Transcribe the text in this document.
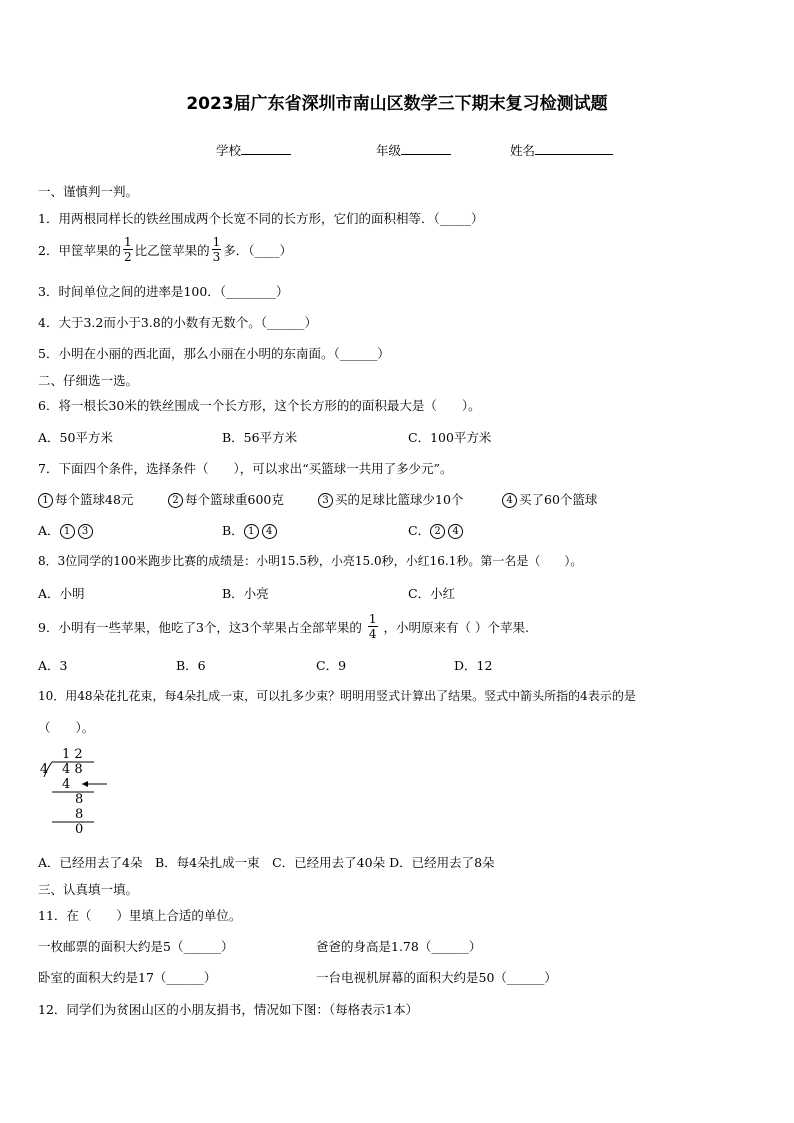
2023届广东省深圳市南山区数学三下期末复习检测试题
学校	年级	姓名
一、谨慎判一判。
1．用两根同样长的铁丝围成两个长宽不同的长方形，它们的面积相等．（_____）
2．甲筐苹果的 $\frac{1}{2}$ 比乙筐苹果的 $\frac{1}{3}$ 多．（____）
3．时间单位之间的进率是100．（________）
4．大于3.2而小于3.8的小数有无数个。（______）
5．小明在小丽的西北面，那么小丽在小明的东南面。（______）
二、仔细选一选。
6．将一根长30米的铁丝围成一个长方形，这个长方形的的面积最大是（　　）。
A．50平方米	B．56平方米	C．100平方米
7．下面四个条件，选择条件（　　），可以求出“买篮球一共用了多少元”。
1 每个篮球48元	2 每个篮球重600克	3 买的足球比篮球少10个	4 买了60个篮球
A． 1 3	B． 1 4	C． 2 4
8．3位同学的100米跑步比赛的成绩是：小明15.5秒，小亮15.0秒，小红16.1秒。第一名是（　　）。
A．小明	B．小亮	C．小红
9．小明有一些苹果，他吃了3个，这3个苹果占全部苹果的 $\frac{1}{4}$ ，小明原来有（ ）个苹果.
A．3	B．6	C．9	D．12
10．用48朵花扎花束，每4朵扎成一束，可以扎多少束？明明用竖式计算出了结果。竖式中箭头所指的4表示的是
（　　）。
1 2
4 4 8
4
8
8
0
A．已经用去了4朵　B．每4朵扎成一束　C．已经用去了40朵 D．已经用去了8朵
三、认真填一填。
11．在（　　）里填上合适的单位。
一枚邮票的面积大约是5（______）	爸爸的身高是1.78（______）
卧室的面积大约是17（______）	一台电视机屏幕的面积大约是50（______）
12．同学们为贫困山区的小朋友捐书，情况如下图：（每格表示1本）
